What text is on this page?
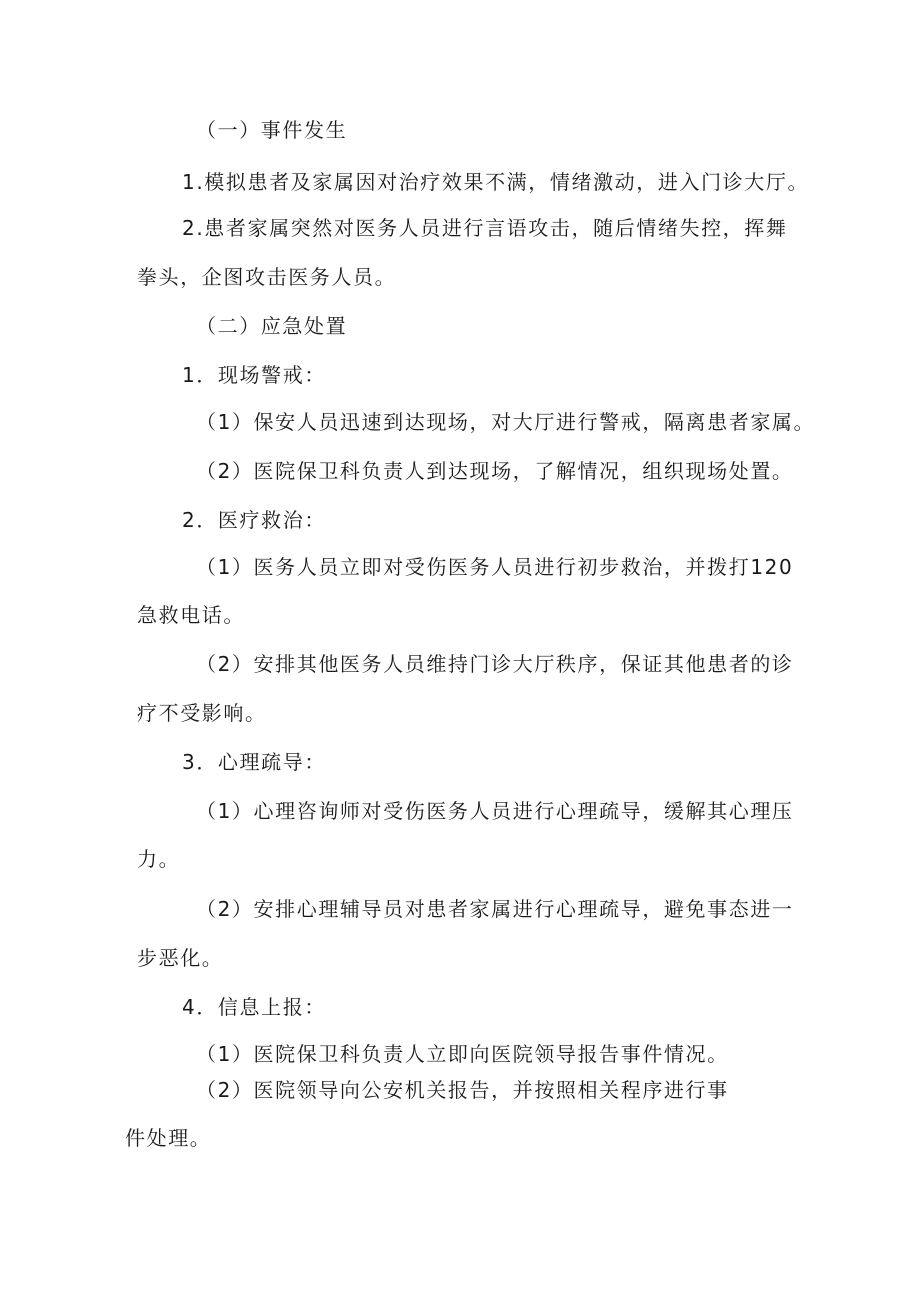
（一）事件发生

1.模拟患者及家属因对治疗效果不满，情绪激动，进入门诊大厅。

2.患者家属突然对医务人员进行言语攻击，随后情绪失控，挥舞

拳头，企图攻击医务人员。

（二）应急处置

1．现场警戒：

（1）保安人员迅速到达现场，对大厅进行警戒，隔离患者家属。

（2）医院保卫科负责人到达现场，了解情况，组织现场处置。

2．医疗救治：

（1）医务人员立即对受伤医务人员进行初步救治，并拨打120

急救电话。

（2）安排其他医务人员维持门诊大厅秩序，保证其他患者的诊

疗不受影响。

3．心理疏导：

（1）心理咨询师对受伤医务人员进行心理疏导，缓解其心理压

力。

（2）安排心理辅导员对患者家属进行心理疏导，避免事态进一

步恶化。

4．信息上报：

（1）医院保卫科负责人立即向医院领导报告事件情况。

（2）医院领导向公安机关报告，并按照相关程序进行事

件处理。
